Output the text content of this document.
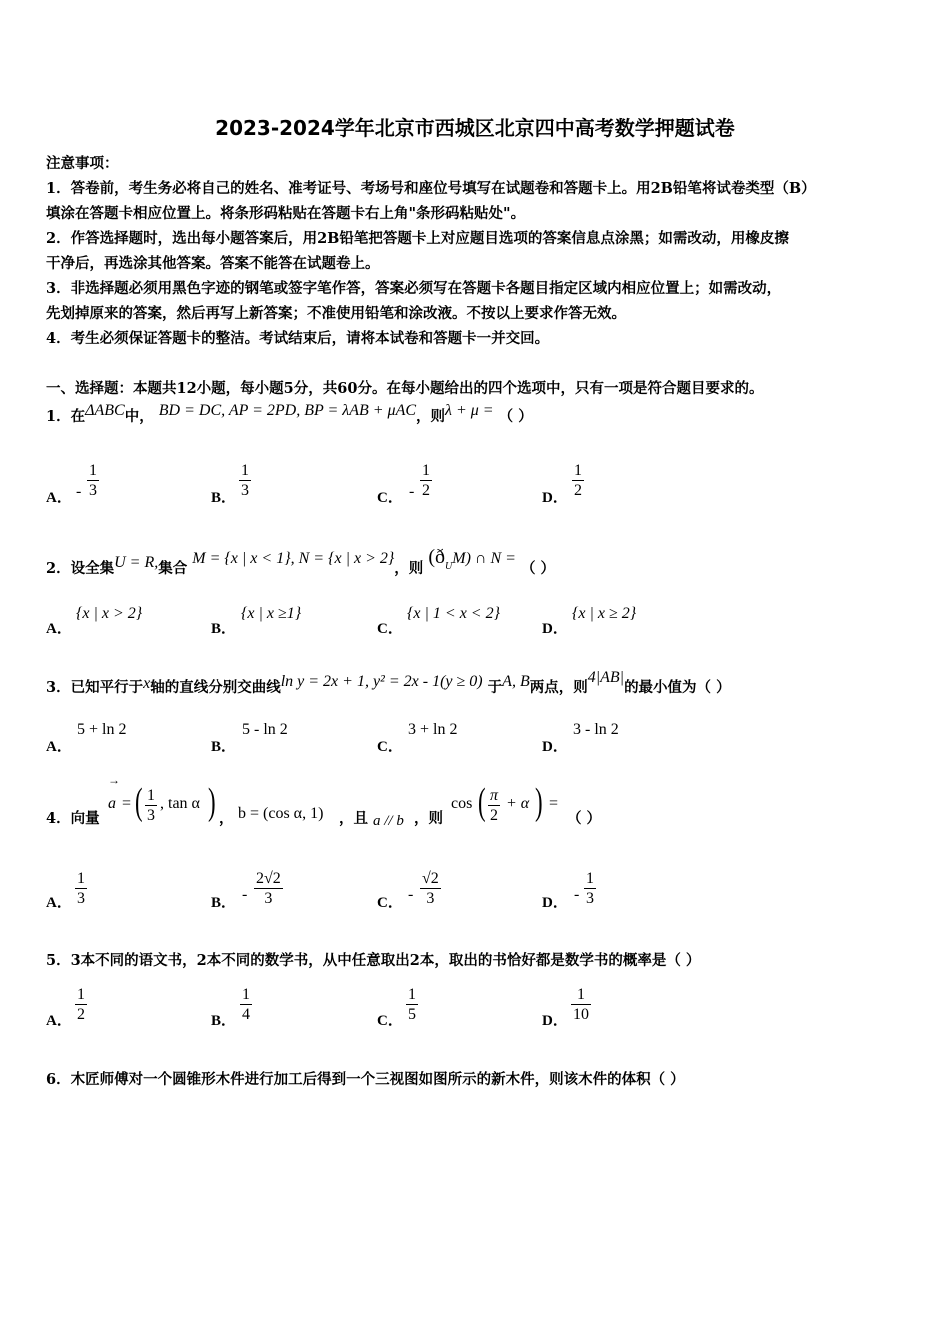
2023-2024学年北京市西城区北京四中高考数学押题试卷
注意事项：
1．答卷前，考生务必将自己的姓名、准考证号、考场号和座位号填写在试题卷和答题卡上。用2B铅笔将试卷类型（B）
填涂在答题卡相应位置上。将条形码粘贴在答题卡右上角"条形码粘贴处"。
2．作答选择题时，选出每小题答案后，用2B铅笔把答题卡上对应题目选项的答案信息点涂黑；如需改动，用橡皮擦
干净后，再选涂其他答案。答案不能答在试题卷上。
3．非选择题必须用黑色字迹的钢笔或签字笔作答，答案必须写在答题卡各题目指定区域内相应位置上；如需改动，
先划掉原来的答案，然后再写上新答案；不准使用铅笔和涂改液。不按以上要求作答无效。
4．考生必须保证答题卡的整洁。考试结束后，请将本试卷和答题卡一并交回。
一、选择题：本题共12小题，每小题5分，共60分。在每小题给出的四个选项中，只有一项是符合题目要求的。
1．在ΔABC中， BD = DC, AP = 2PD, BP = λAB + μAC，则λ + μ = （ ）
A． - $\frac{1}{3}$	B． $\frac{1}{3}$	C． - $\frac{1}{2}$	D． $\frac{1}{2}$
2．设全集U = R,集合 M = {x | x < 1}, N = {x | x > 2}，则 $(ð^UM)$ ∩ N = （ ）
A．
{x | x > 2}
B．
{x | x ≥1}
C．
{x | 1 < x < 2}
D．
{x | x ≥ 2}
3．已知平行于x轴的直线分别交曲线ln y = 2x + 1, y² = 2x - 1(y ≥ 0) 于A, B两点，则4|AB|的最小值为（ ）
A．
5 + ln 2
B．
5 - ln 2
C．
3 + ln 2
D．
3 - ln 2
4．向量
→
a = ( $\frac{1}{3}$ , tan α ) ， b = (cos α, 1) ，且 a // b ，则
cos ( $\frac{\pi}{2} + \alpha$ ) =
（ ）
A． $\frac{1}{3}$	B． - $\frac{2√2}{3}$	C． - $\frac{√2}{3}$	D． - $\frac{1}{3}$
5．3本不同的语文书，2本不同的数学书，从中任意取出2本，取出的书恰好都是数学书的概率是（ ）
A． $\frac{1}{2}$	B． $\frac{1}{4}$	C． $\frac{1}{5}$	D． $\frac{1}{10}$
6．木匠师傅对一个圆锥形木件进行加工后得到一个三视图如图所示的新木件，则该木件的体积（ ）
